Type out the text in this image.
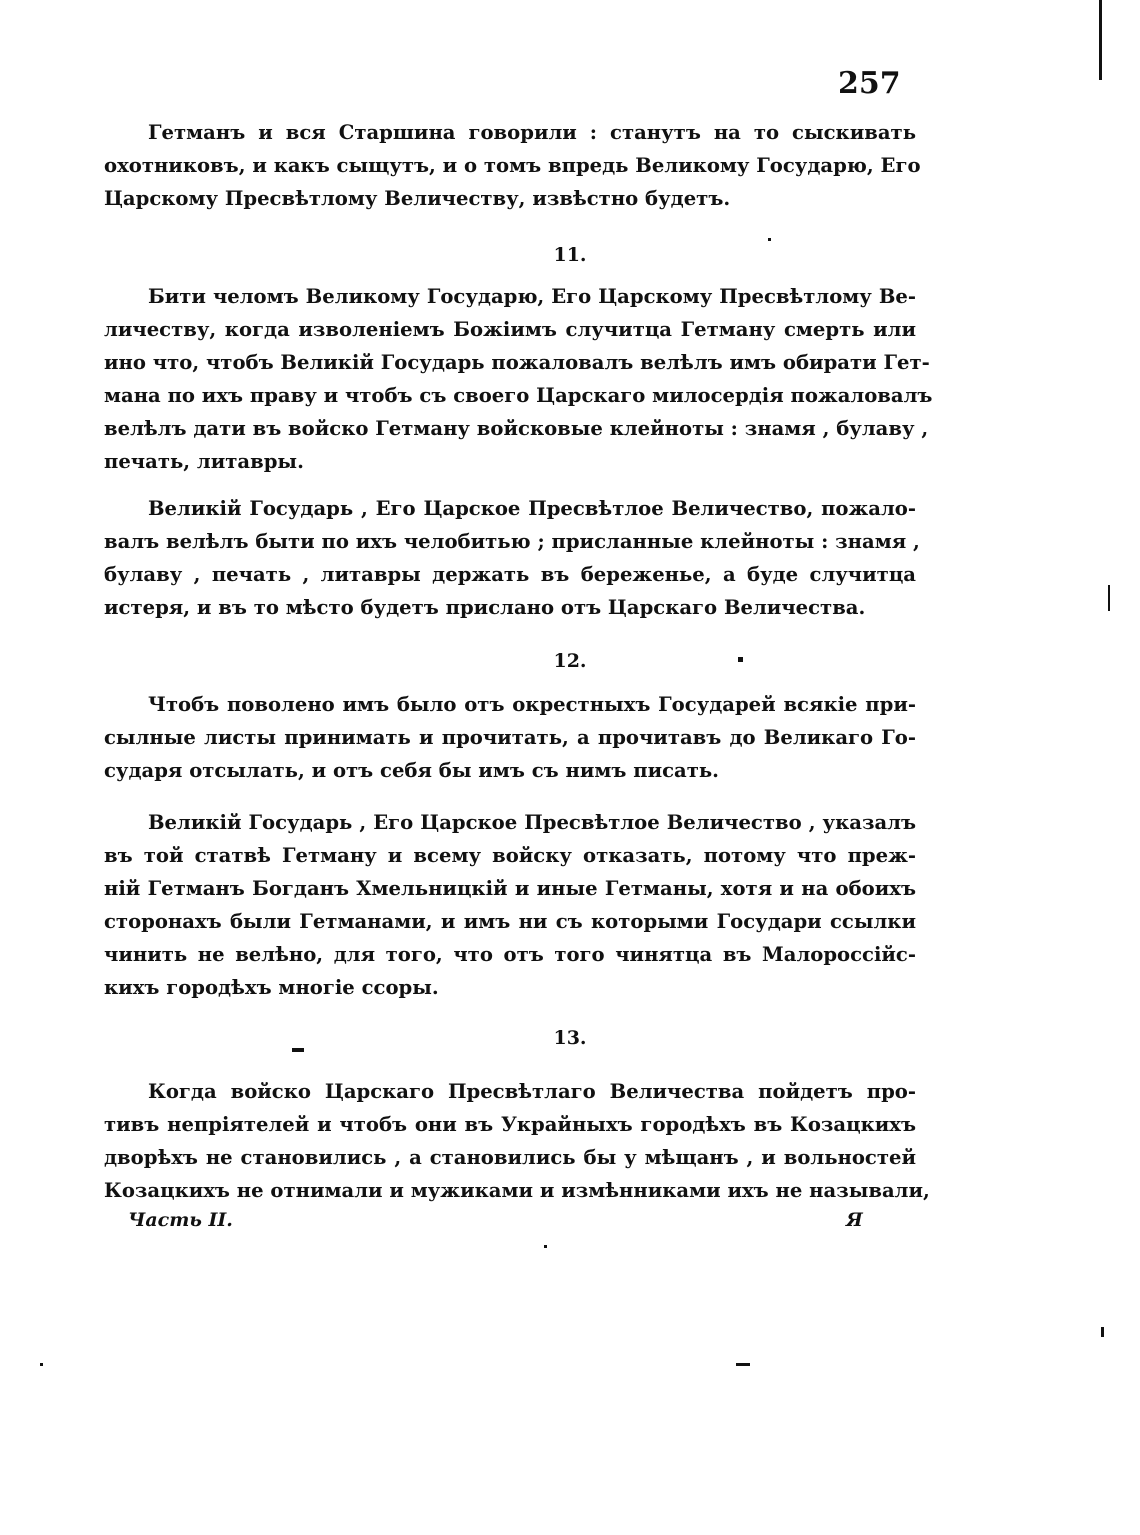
257
Гетманъ и вся Старшина говорили : станутъ на то сыскивать
охотниковъ, и какъ сыщутъ, и о томъ впредь Великому Государю, Его
Царскому Пресвѣтлому Величеству, извѣстно будетъ.
11.
Бити челомъ Великому Государю, Его Царскому Пресвѣтлому Ве-
личеству, когда изволеніемъ Божіимъ случитца Гетману смерть или
ино что, чтобъ Великій Государь пожаловалъ велѣлъ имъ обирати Гет-
мана по ихъ праву и чтобъ съ своего Царскаго милосердія пожаловалъ
велѣлъ дати въ войско Гетману войсковые клейноты : знамя , булаву ,
печать, литавры.
Великій Государь , Его Царское Пресвѣтлое Величество, пожало-
валъ велѣлъ быти по ихъ челобитью ; присланные клейноты : знамя ,
булаву , печать , литавры держать въ береженье, а буде случитца
истеря, и въ то мѣсто будетъ прислано отъ Царскаго Величества.
12.
Чтобъ поволено имъ было отъ окрестныхъ Государей всякіе при-
сылные листы принимать и прочитать, а прочитавъ до Великаго Го-
сударя отсылать, и отъ себя бы имъ съ нимъ писать.
Великій Государь , Его Царское Пресвѣтлое Величество , указалъ
въ той статвѣ Гетману и всему войску отказать, потому что преж-
ній Гетманъ Богданъ Хмельницкій и иные Гетманы, хотя и на обоихъ
сторонахъ были Гетманами, и имъ ни съ которыми Государи ссылки
чинить не велѣно, для того, что отъ того чинятца въ Малороссійс-
кихъ городѣхъ многіе ссоры.
13.
Когда войско Царскаго Пресвѣтлаго Величества пойдетъ про-
тивъ непріятелей и чтобъ они въ Украйныхъ городѣхъ въ Козацкихъ
дворѣхъ не становились , а становились бы у мѣщанъ , и вольностей
Козацкихъ не отнимали и мужиками и измѣнниками ихъ не называли,
Часть II.	Я
